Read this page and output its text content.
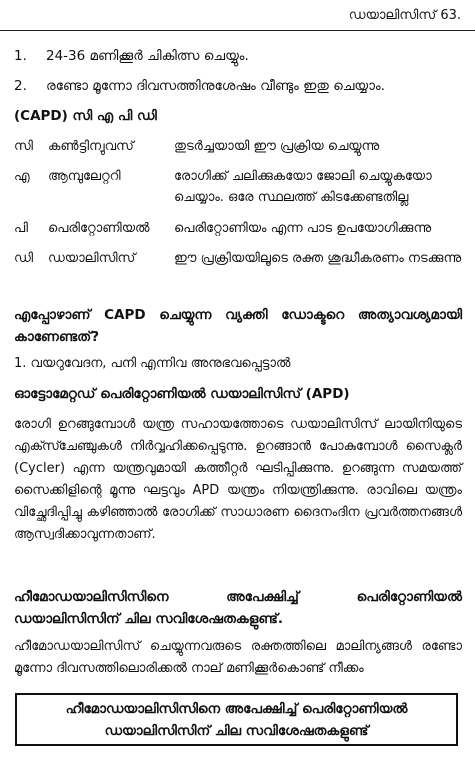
ഡയാലിസിസ് 63.
1. 24-36 മണിക്കൂർ ചികിത്സ ചെയ്യും.
2. രണ്ടോ മൂന്നോ ദിവസത്തിനുശേഷം വീണ്ടും ഇതു ചെയ്യാം.
(CAPD) സി എ പി ഡി
സി	കൺട്ടിന്വുവസ്	തുടർച്ചയായി ഈ പ്രക്രിയ ചെയ്യുന്നു
എ	ആമ്പുലേറ്ററി	രോഗിക്ക് ചലിക്കുകയോ ജോലി ചെയ്യുകയോ ചെയ്യാം. ഒരേ സ്ഥലത്ത് കിടക്കേണ്ടതില്ല
പി	പെരിറ്റോണിയൽ	പെരിറ്റോണിയം എന്ന പാട ഉപയോഗിക്കുന്നു
ഡി	ഡയാലിസിസ്	ഈ പ്രക്രിയയിലൂടെ രക്ത ശുദ്ധീകരണം നടക്കുന്നു
എപ്പോഴാണ് CAPD ചെയ്യുന്ന വ്യക്തി ഡോക്ടറെ അത്യാവശ്യമായി കാണേണ്ടത്?
1. വയറുവേദന, പനി എന്നിവ അനുഭവപ്പെട്ടാൽ
ഓട്ടോമേറ്റഡ് പെരിറ്റോണിയൽ ഡയാലിസിസ് (APD)
രോഗി ഉറങ്ങുമ്പോൾ യന്ത്ര സഹായത്തോടെ ഡയാലിസിസ് ലായിനിയുടെ എക്സ്ചേഞ്ചുകൾ നിർവ്വഹിക്കപ്പെടുന്നു. ഉറങ്ങാൻ പോകുമ്പോൾ സൈക്ലർ (Cycler) എന്ന യന്ത്രവുമായി കത്തീറ്റർ ഘടിപ്പിക്കുന്നു. ഉറങ്ങുന്ന സമയത്ത് സൈക്കിളിന്റെ മൂന്നു ഘട്ടവും APD യന്ത്രം നിയന്ത്രിക്കുന്നു. രാവിലെ യന്ത്രം വിച്ഛേദിപ്പിച്ചു കഴിഞ്ഞാൽ രോഗിക്ക് സാധാരണ ദൈനംദിന പ്രവർത്തനങ്ങൾ ആസ്വദിക്കാവുന്നതാണ്.
ഹീമോഡയാലിസിസിനെ അപേക്ഷിച്ച് പെരിറ്റോണിയൽ ഡയാലിസിസിന് ചില സവിശേഷതകളുണ്ട്.
ഹീമോഡയാലിസിസ് ചെയ്യുന്നവരുടെ രക്തത്തിലെ മാലിന്യങ്ങൾ രണ്ടോ മൂന്നോ ദിവസത്തിലൊരിക്കൽ നാല് മണിക്കൂർകൊണ്ട് നീക്കം
ഹീമോഡയാലിസിസിനെ അപേക്ഷിച്ച് പെരിറ്റോണിയൽ
ഡയാലിസിസിന് ചില സവിശേഷതകളുണ്ട്
